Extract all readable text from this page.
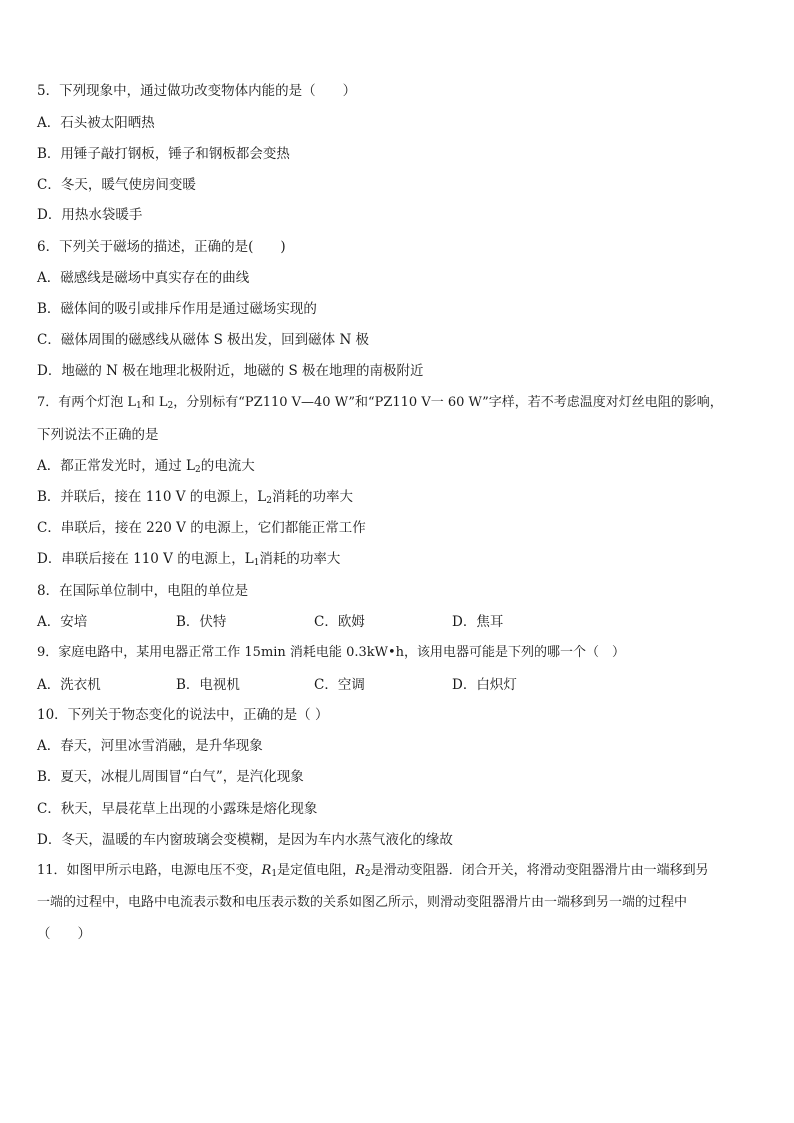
5．下列现象中，通过做功改变物体内能的是（　　）
A．石头被太阳晒热
B．用锤子敲打钢板，锤子和钢板都会变热
C．冬天，暖气使房间变暖
D．用热水袋暖手
6．下列关于磁场的描述，正确的是(　　)
A．磁感线是磁场中真实存在的曲线
B．磁体间的吸引或排斥作用是通过磁场实现的
C．磁体周围的磁感线从磁体 S 极出发，回到磁体 N 极
D．地磁的 N 极在地理北极附近，地磁的 S 极在地理的南极附近
7．有两个灯泡 $L_1$和 $L_2$，分别标有“PZ110 V—40 W”和“PZ110 V一 60 W”字样，若不考虑温度对灯丝电阻的影响，
下列说法不正确的是
A．都正常发光时，通过 $L_2$的电流大
B．并联后，接在 110 V 的电源上，$L_2$消耗的功率大
C．串联后，接在 220 V 的电源上，它们都能正常工作
D．串联后接在 110 V 的电源上，$L_1$消耗的功率大
8．在国际单位制中，电阻的单位是
A．安培	B．伏特	C．欧姆	D．焦耳
9．家庭电路中，某用电器正常工作 15min 消耗电能 0.3kW•h，该用电器可能是下列的哪一个（　）
A．洗衣机	B．电视机	C．空调	D．白炽灯
10．下列关于物态变化的说法中，正确的是（ ）
A．春天，河里冰雪消融，是升华现象
B．夏天，冰棍儿周围冒“白气”，是汽化现象
C．秋天，早晨花草上出现的小露珠是熔化现象
D．冬天，温暖的车内窗玻璃会变模糊，是因为车内水蒸气液化的缘故
11．如图甲所示电路，电源电压不变，$R_1$是定值电阻，$R_2$是滑动变阻器．闭合开关，将滑动变阻器滑片由一端移到另
一端的过程中，电路中电流表示数和电压表示数的关系如图乙所示，则滑动变阻器滑片由一端移到另一端的过程中
（　　）
